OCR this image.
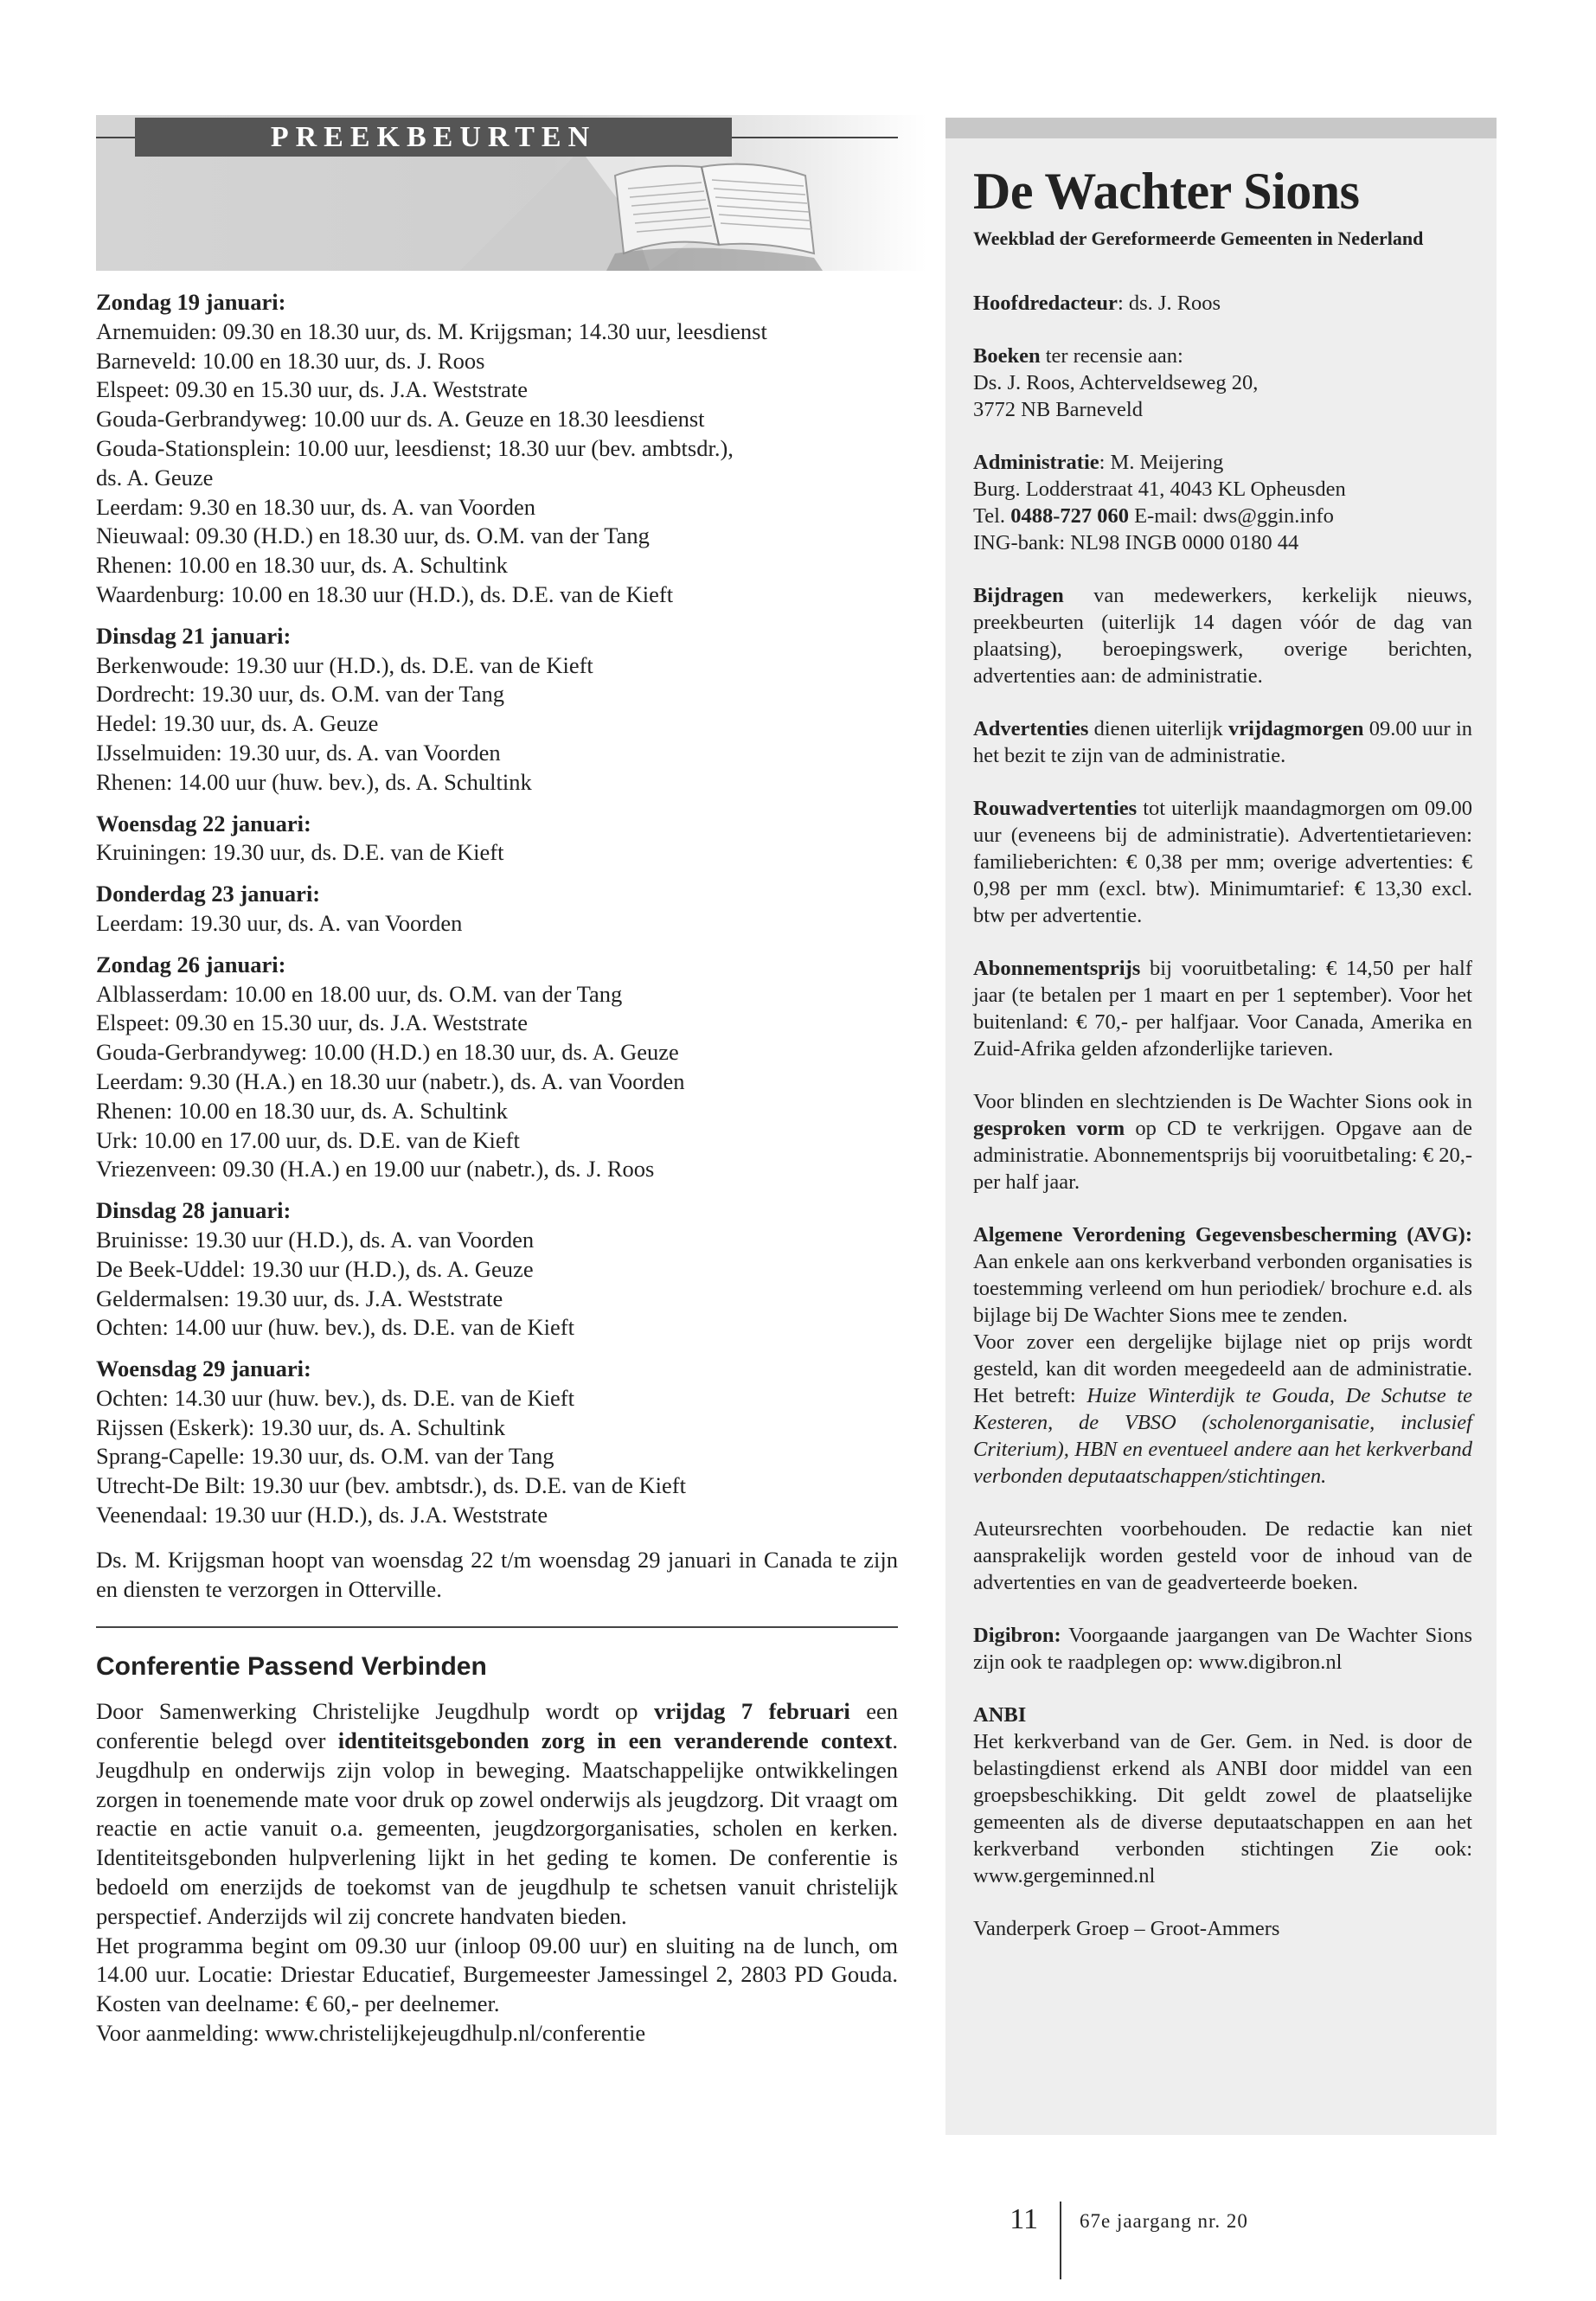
PREEKBEURTEN
Zondag 19 januari:
Arnemuiden: 09.30 en 18.30 uur, ds. M. Krijgsman; 14.30 uur, leesdienst
Barneveld: 10.00 en 18.30 uur, ds. J. Roos
Elspeet: 09.30 en 15.30 uur, ds. J.A. Weststrate
Gouda-Gerbrandyweg: 10.00 uur ds. A. Geuze en 18.30 leesdienst
Gouda-Stationsplein: 10.00 uur, leesdienst; 18.30 uur (bev. ambtsdr.),
ds. A. Geuze
Leerdam: 9.30 en 18.30 uur, ds. A. van Voorden
Nieuwaal: 09.30 (H.D.) en 18.30 uur, ds. O.M. van der Tang
Rhenen: 10.00 en 18.30 uur, ds. A. Schultink
Waardenburg: 10.00 en 18.30 uur (H.D.), ds. D.E. van de Kieft
Dinsdag 21 januari:
Berkenwoude: 19.30 uur (H.D.), ds. D.E. van de Kieft
Dordrecht: 19.30 uur, ds. O.M. van der Tang
Hedel: 19.30 uur, ds. A. Geuze
IJsselmuiden: 19.30 uur, ds. A. van Voorden
Rhenen: 14.00 uur (huw. bev.), ds. A. Schultink
Woensdag 22 januari:
Kruiningen: 19.30 uur, ds. D.E. van de Kieft
Donderdag 23 januari:
Leerdam: 19.30 uur, ds. A. van Voorden
Zondag 26 januari:
Alblasserdam: 10.00 en 18.00 uur, ds. O.M. van der Tang
Elspeet: 09.30 en 15.30 uur, ds. J.A. Weststrate
Gouda-Gerbrandyweg: 10.00 (H.D.) en 18.30 uur, ds. A. Geuze
Leerdam: 9.30 (H.A.) en 18.30 uur (nabetr.), ds. A. van Voorden
Rhenen: 10.00 en 18.30 uur, ds. A. Schultink
Urk: 10.00 en 17.00 uur, ds. D.E. van de Kieft
Vriezenveen: 09.30 (H.A.) en 19.00 uur (nabetr.), ds. J. Roos
Dinsdag 28 januari:
Bruinisse: 19.30 uur (H.D.), ds. A. van Voorden
De Beek-Uddel: 19.30 uur (H.D.), ds. A. Geuze
Geldermalsen: 19.30 uur, ds. J.A. Weststrate
Ochten: 14.00 uur (huw. bev.), ds. D.E. van de Kieft
Woensdag 29 januari:
Ochten: 14.30 uur (huw. bev.), ds. D.E. van de Kieft
Rijssen (Eskerk): 19.30 uur, ds. A. Schultink
Sprang-Capelle: 19.30 uur, ds. O.M. van der Tang
Utrecht-De Bilt: 19.30 uur (bev. ambtsdr.), ds. D.E. van de Kieft
Veenendaal: 19.30 uur (H.D.), ds. J.A. Weststrate
Ds. M. Krijgsman hoopt van woensdag 22 t/m woensdag 29 januari in Canada te zijn en diensten te verzorgen in Otterville.
Conferentie Passend Verbinden
Door Samenwerking Christelijke Jeugdhulp wordt op vrijdag 7 februari een conferentie belegd over identiteitsgebonden zorg in een veranderende context. Jeugdhulp en onderwijs zijn volop in beweging. Maatschappelijke ontwikkelingen zorgen in toenemende mate voor druk op zowel onderwijs als jeugdzorg. Dit vraagt om reactie en actie vanuit o.a. gemeenten, jeugdzorgorganisaties, scholen en kerken. Identiteitsgebonden hulpverlening lijkt in het geding te komen. De conferentie is bedoeld om enerzijds de toekomst van de jeugdhulp te schetsen vanuit christelijk perspectief. Anderzijds wil zij concrete handvaten bieden.
Het programma begint om 09.30 uur (inloop 09.00 uur) en sluiting na de lunch, om 14.00 uur. Locatie: Driestar Educatief, Burgemeester Jamessingel 2, 2803 PD Gouda. Kosten van deelname: € 60,- per deelnemer.
Voor aanmelding: www.christelijkejeugdhulp.nl/conferentie
De Wachter Sions
Weekblad der Gereformeerde Gemeenten in Nederland
Hoofdredacteur: ds. J. Roos
Boeken ter recensie aan:
Ds. J. Roos, Achterveldseweg 20,
3772 NB Barneveld
Administratie: M. Meijering
Burg. Lodderstraat 41, 4043 KL Opheusden
Tel. 0488-727 060 E-mail: dws@ggin.info
ING-bank: NL98 INGB 0000 0180 44
Bijdragen van medewerkers, kerkelijk nieuws, preekbeurten (uiterlijk 14 dagen vóór de dag van plaatsing), beroepingswerk, overige berichten, advertenties aan: de administratie.
Advertenties dienen uiterlijk vrijdagmorgen 09.00 uur in het bezit te zijn van de administratie.
Rouwadvertenties tot uiterlijk maandagmorgen om 09.00 uur (eveneens bij de administratie). Advertentietarieven: familieberichten: € 0,38 per mm; overige advertenties: € 0,98 per mm (excl. btw). Minimumtarief: € 13,30 excl. btw per advertentie.
Abonnementsprijs bij vooruitbetaling: € 14,50 per half jaar (te betalen per 1 maart en per 1 september). Voor het buitenland: € 70,- per halfjaar. Voor Canada, Amerika en Zuid-Afrika gelden afzonderlijke tarieven.
Voor blinden en slechtzienden is De Wachter Sions ook in gesproken vorm op CD te verkrijgen. Opgave aan de administratie. Abonnementsprijs bij vooruitbetaling: € 20,- per half jaar.
Algemene Verordening Gegevensbescherming (AVG): Aan enkele aan ons kerkverband verbonden organisaties is toestemming verleend om hun periodiek/ brochure e.d. als bijlage bij De Wachter Sions mee te zenden.
Voor zover een dergelijke bijlage niet op prijs wordt gesteld, kan dit worden meegedeeld aan de administratie. Het betreft: Huize Winterdijk te Gouda, De Schutse te Kesteren, de VBSO (scholenorganisatie, inclusief Criterium), HBN en eventueel andere aan het kerkverband verbonden deputaatschappen/stichtingen.
Auteursrechten voorbehouden. De redactie kan niet aansprakelijk worden gesteld voor de inhoud van de advertenties en van de geadverteerde boeken.
Digibron: Voorgaande jaargangen van De Wachter Sions zijn ook te raadplegen op: www.digibron.nl
ANBI
Het kerkverband van de Ger. Gem. in Ned. is door de belastingdienst erkend als ANBI door middel van een groepsbeschikking. Dit geldt zowel de plaatselijke gemeenten als de diverse deputaatschappen en aan het kerkverband verbonden stichtingen Zie ook: www.gergeminned.nl
Vanderperk Groep – Groot-Ammers
11 67e jaargang nr. 20
